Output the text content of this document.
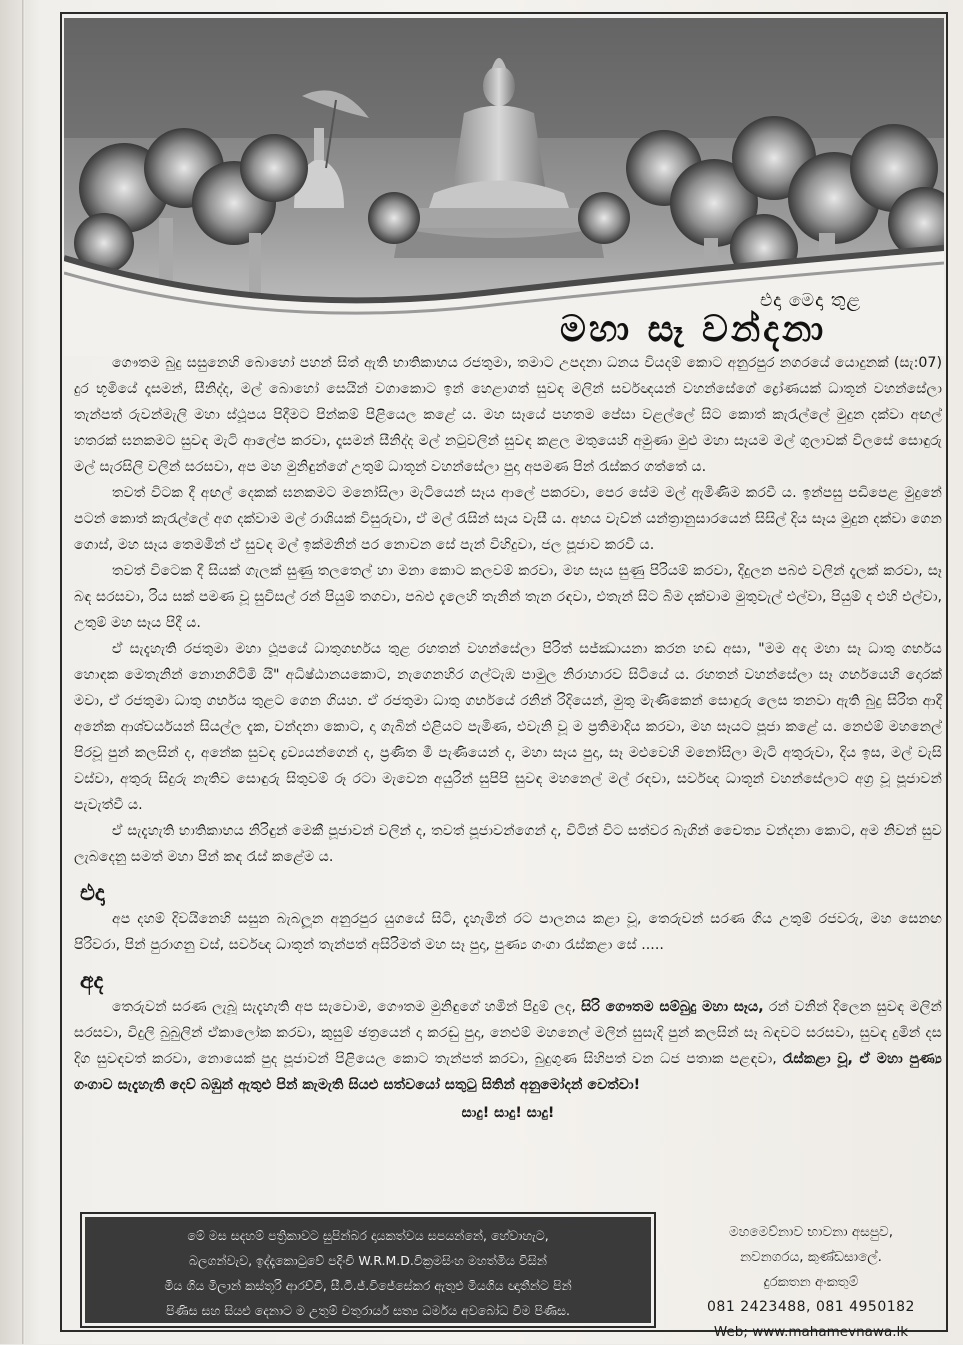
එදා මෙදා තුළ
මහා සෑ වන්දනා

ගෞතම බුදු සසුනෙහි බොහෝ පහන් සිත් ඇති භාතිකාභය රජතුමා, තමාට උපදනා ධනය වියදම් කොට අනුරපුර නගරයේ යොදුනක් (සැ:07) දුර භූමියේ දෑසමන්, සීනිද්ද, මල් බොහෝ සෙයින් වගාකොට ඉන් හෙළාගත් සුවඳ මලින් සර්වඥයන් වහන්සේගේ ද්‍රෝණයක් ධාතූන් වහන්සේලා තැන්පත් රුවන්මැලි මහා ස්ථූපය පිදීමට පින්කම් පිළියෙල කළේ ය. මහ සෑයේ පහතම පේසා වළල්ලේ සිට කොත් කැරැල්ලේ මුදුන දක්වා අඟල් හතරක් ඝනකමට සුවඳ මැටි ආලේප කරවා, දෑසමන් සීනිද්ද මල් නටුවලින් සුවඳ කළල මතුයෙහි අමුණා මුළු මහා සෑයම මල් ගුලාවක් විලසේ සොඳුරු මල් සැරසිලි වලින් සරසවා, අප මහ මුනිඳුන්ගේ උතුම් ධාතූන් වහන්සේලා පුදා අපමණ පින් රැස්කර ගත්තේ ය.

තවත් විටක දී අඟල් දෙකක් ඝනකමට මනෝසිලා මැටියෙන් සෑය ආලේ පකරවා, පෙර සේම මල් ඇමිණිම කරවී ය. ඉන්පසු පඩිපෙළ මුදුනේ පටන් කොත් කැරැල්ලේ අග දක්වාම මල් රාශියක් විසුරුවා, ඒ මල් රැසින් සෑය වැසී ය. අභය වැව්න් යන්ත්‍රානුසාරයෙන් සිසිල් දිය සෑය මුදුන දක්වා ගෙන ගොස්, මහ සෑය තෙමමින් ඒ සුවඳ මල් ඉක්මනින් පර නොවන සේ පැන් විහිදුවා, ජල පූජාව කරවී ය.

තවත් විටෙක දී සියක් ගැලක් සුණු තලතෙල් හා මනා කොට කලවම් කරවා, මහ සෑය සුණු පිරියම් කරවා, දිදුලන පබළු වලින් දැලක් කරවා, සෑ බඳ සරසවා, රිය සක් පමණ වූ සුවිසල් රන් පියුම් තගවා, පබළු දැලෙහි තැනින් තැන රඳවා, එතැන් සිට බිම දක්වාම මුතුවැල් එල්වා, පියුම් ද එහි එල්වා, උතුම් මහ සෑය පිදී ය.

ඒ සැදැහැති රජතුමා මහා ථූපයේ ධාතුගර්භය තුළ රහතන් වහන්සේලා පිරිත් සජ්ඣායනා කරන හඬ අසා, "මම අද මහා සෑ ධාතු ගර්භය හොඳක මෙතැනින් නොනගිටිමි යි" අධිෂ්ඨානයකොට, නැගෙනහිර ගල්ටැඹ පාමුල නිරාහාරව සිටියේ ය. රහතන් වහන්සේලා සෑ ගර්භයෙහි දොරක් මවා, ඒ රජතුමා ධාතු ගර්භය තුළට ගෙන ගියහ. ඒ රජතුමා ධාතු ගර්භයේ රනින් රිදියෙන්, මුතු මැණිකෙන් සොඳුරු ලෙස තනවා ඇති බුදු සිරිත ආදී අනේක ආශ්චර්යයන් සියල්ල දැක, වන්දනා කොට, දා ගැබින් එළියට පැමිණ, එවැනි වූ ම ප්‍රතිමාදිය කරවා, මහ සෑයට පූජා කළේ ය. නෙළුම් මහනෙල් පිරවූ පුන් කලසින් ද, අනේක සුවඳ ද්‍රව්‍යයන්ගෙන් ද, ප්‍රණිත මී පැණියෙන් ද, මහා සෑය පුදා, සෑ මළුවෙහි මනෝසිලා මැටි අතුරුවා, දිය ඉස, මල් වැසි වස්වා, අතුරු සිදුරු නැතිව සොඳුරු සිතුවම් රූ රටා මැවෙන අයුරින් සුපිපි සුවඳ මහනෙල් මල් රඳවා, සර්වඥ ධාතූන් වහන්සේලාට අග්‍ර වූ පූජාවන් පැවැත්වී ය.

ඒ සැදැහැති භාතිකාභය නිරිඳුන් මෙකී පූජාවන් වලින් ද, තවත් පූජාවන්ගෙන් ද, විටින් විට සත්වර බැගින් චෛත්‍ය වන්දනා කොට, අම නිවන් සුව ලැබදෙනු සමත් මහා පින් කඳ රැස් කළේම ය.

එදා

අප දහම් දිවයිනෙහි සසුන බැබලූන අනුරපුර යුගයේ සිටි, දැහැමින් රට පාලනය කළා වූ, තෙරුවන් සරණ ගිය උතුම් රජවරු, මහ සෙනඟ පිරිවරා, පින් පුරාගනු වස්, සර්වඥ ධාතූන් තැන්පත් අසිරිමත් මහ සෑ පුදා, පුණ්‍ය ගංගා රැස්කළා සේ .....

අද

තෙරුවන් සරණ ලැබූ සැදැහැති අප සැවොම, ගෞතම මුනිඳුගේ හමින් පිදුම් ලද, සිරි ගෞතම සම්බුදු මහා සෑය, රන් වනින් දිලෙන සුවඳ මලින් සරසවා, විදුලි බුබුලින් ඒකාලෝක කරවා, කුසුම් ඡත්‍රයෙන් දා කරඬු පුදා, නෙළුම් මහනෙල් මලින් සුසැදි පුන් කලසින් සෑ බඳවට සරසවා, සුවඳ දුමින් දස දිග සුවඳවත් කරවා, නොයෙක් පුද පූජාවන් පිළියෙල කොට තැන්පත් කරවා, බුදුගුණ සිහිපත් වන ධජ පතාක පළඳවා, රැස්කළා වූ, ඒ මහා පුණ්‍ය ගංගාව සැදැහැති දෙව් බඹුන් ඇතුළු පින් කැමැති සියළු සත්වයෝ සතුටු සිතින් අනුමෝදන් වෙත්වා!

සාදු! සාදු! සාදු!
මේ මස සදහම් පත්‍රිකාවට සුපින්බර දායකත්වය සපයන්නේ, හේවාහැට,
බලගන්වැව, ඉද්දෑකොටුවේ පදිංචි W.R.M.D.වික්‍රමසිංහ මහත්මිය විසින්
මිය ගිය මිලාන් කස්තූරි ආරච්චි, සී.ටී.ජ්.විජේසේකර ඇතුළු මියගිය ඥාතීන්ට පින්
පිණිස සහ සියළු දෙනාට ම උතුම් චතුරාර්ය සත්‍ය ධර්මය අවබෝධ වීම පිණිස.
මහමෙව්නාව භාවනා අසපුව,
නවනගරය, කුණ්ඩසාලේ.
දුරකතන අංකතුම්
081 2423488, 081 4950182
Web; www.mahamevnawa.lk
